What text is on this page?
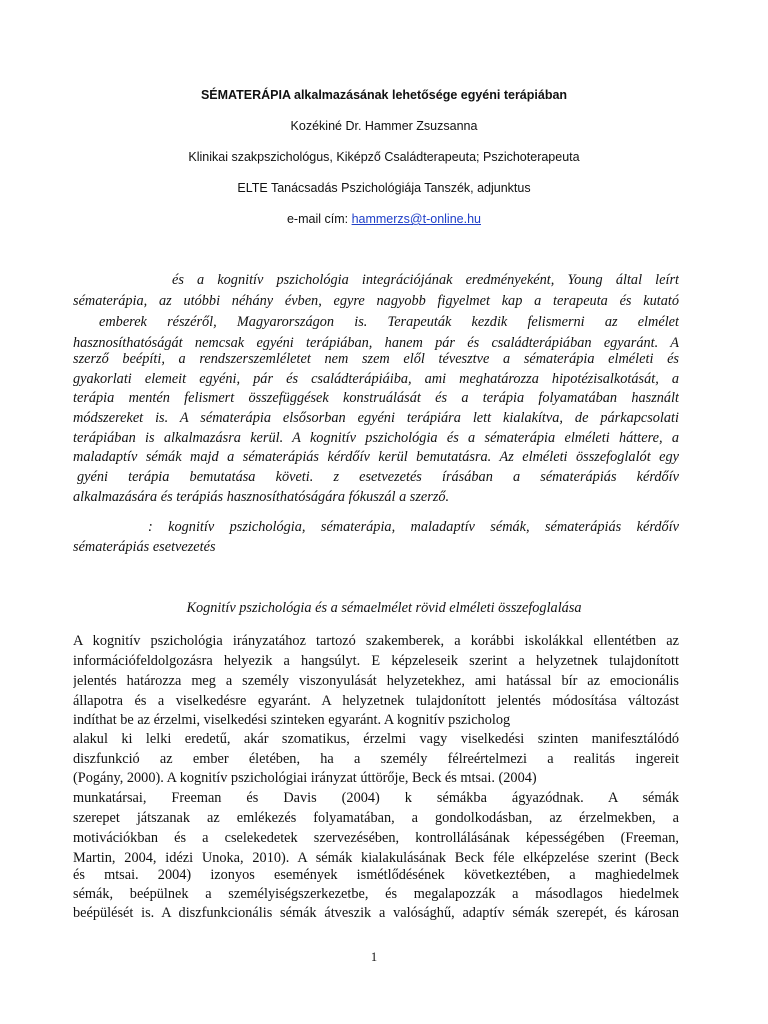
SÉMATERÁPIA alkalmazásának lehetősége egyéni terápiában
Kozékiné Dr. Hammer Zsuzsanna
Klinikai szakpszichológus, Kiképző Családterapeuta; Pszichoterapeuta
ELTE Tanácsadás Pszichológiája Tanszék, adjunktus
e-mail cím: hammerzs@t-online.hu
és a kognitív pszichológia integrációjának eredményeként, Young által leírt
sématerápia, az utóbbi néhány évben, egyre nagyobb figyelmet kap a terapeuta és kutató
emberek részéről, Magyarországon is. Terapeuták kezdik felismerni az elmélet
hasznosíthatóságát nemcsak egyéni terápiában, hanem pár és családterápiában egyaránt. A
szerző beépíti, a rendszerszemléletet nem szem elől tévesztve a sématerápia elméleti és
gyakorlati elemeit egyéni, pár és családterápiáiba, ami meghatározza hipotézisalkotását, a
terápia mentén felismert összefüggések konstruálását és a terápia folyamatában használt
módszereket is. A sématerápia elsősorban egyéni terápiára lett kialakítva, de párkapcsolati
terápiában is alkalmazásra kerül. A kognitív pszichológia és a sématerápia elméleti háttere, a
maladaptív sémák majd a sématerápiás kérdőív kerül bemutatásra. Az elméleti összefoglalót egy
gyéni terápia bemutatása követi. z esetvezetés írásában a sématerápiás kérdőív
alkalmazására és terápiás hasznosíthatóságára fókuszál a szerző.
: kognitív pszichológia, sématerápia, maladaptív sémák, sématerápiás kérdőív
sématerápiás esetvezetés
Kognitív pszichológia és a sémaelmélet rövid elméleti összefoglalása
A kognitív pszichológia irányzatához tartozó szakemberek, a korábbi iskolákkal ellentétben az
információfeldolgozásra helyezik a hangsúlyt. E képzeleseik szerint a helyzetnek tulajdonított
jelentés határozza meg a személy viszonyulását helyzetekhez, ami hatással bír az emocionális
állapotra és a viselkedésre egyaránt. A helyzetnek tulajdonított jelentés módosítása változást
indíthat be az érzelmi, viselkedési szinteken egyaránt. A kognitív pszicholog
alakul ki lelki eredetű, akár szomatikus, érzelmi vagy viselkedési szinten manifesztálódó
diszfunkció az ember életében, ha a személy félreértelmezi a realitás ingereit
(Pogány, 2000). A kognitív pszichológiai irányzat úttörője, Beck és mtsai. (2004)
munkatársai, Freeman és Davis (2004) k sémákba ágyazódnak. A sémák
szerepet játszanak az emlékezés folyamatában, a gondolkodásban, az érzelmekben, a
motivációkban és a cselekedetek szervezésében, kontrollálásának képességében (Freeman,
Martin, 2004, idézi Unoka, 2010). A sémák kialakulásának Beck féle elképzelése szerint (Beck
és mtsai. 2004) izonyos események ismétlődésének következtében, a maghiedelmek
sémák, beépülnek a személyiségszerkezetbe, és megalapozzák a másodlagos hiedelmek
beépülését is. A diszfunkcionális sémák átveszik a valósághű, adaptív sémák szerepét, és károsan
1
